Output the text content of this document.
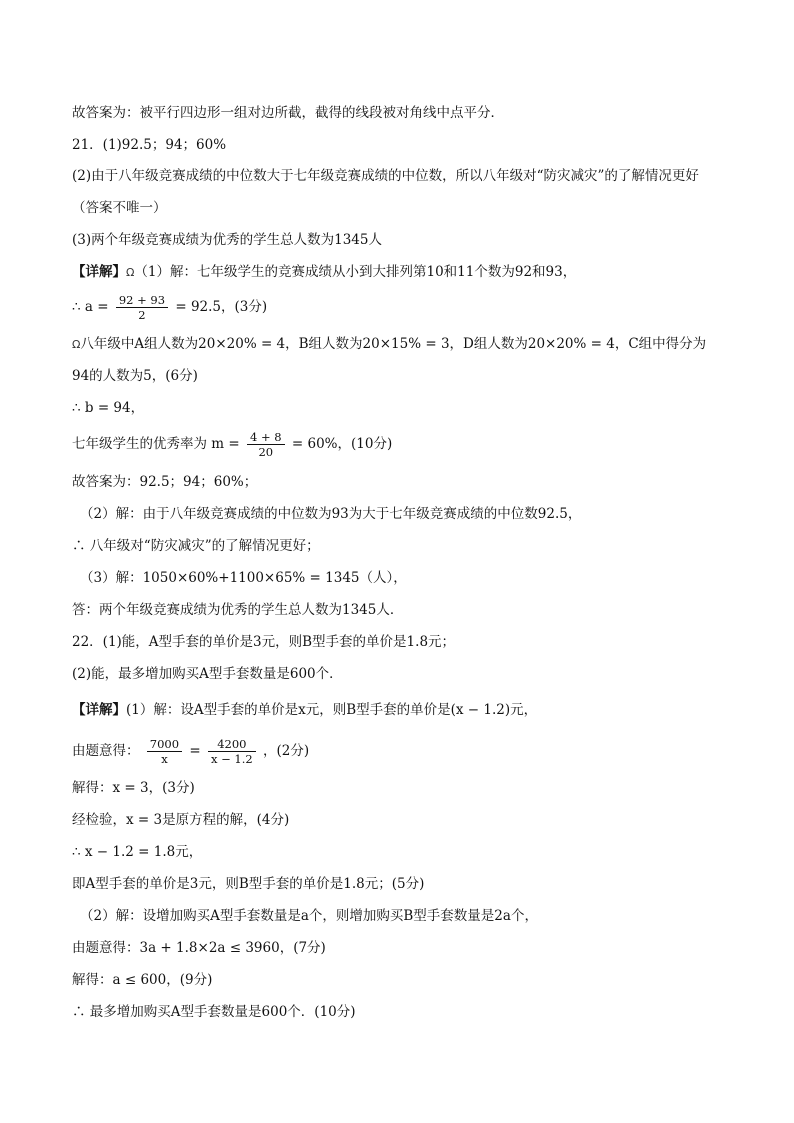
故答案为：被平行四边形一组对边所截，截得的线段被对角线中点平分．
21．(1)92.5；94；60%
(2)由于八年级竞赛成绩的中位数大于七年级竞赛成绩的中位数，所以八年级对“防灾减灾”的了解情况更好
（答案不唯一）
(3)两个年级竞赛成绩为优秀的学生总人数为1345人
【详解】Ω（1）解：七年级学生的竞赛成绩从小到大排列第10和11个数为92和93，
∴ $a = \frac{92 + 93}{2} = 92.5$，(3分)
Ω八年级中A组人数为20×20% = 4，B组人数为20×15% = 3，D组人数为20×20% = 4，C组中得分为
94的人数为5，(6分)
∴ b = 94，
七年级学生的优秀率为 $m = \frac{4 + 8}{20} = 60\%$，(10分)
故答案为：92.5；94；60%；
（2）解：由于八年级竞赛成绩的中位数为93为大于七年级竞赛成绩的中位数92.5，
∴ 八年级对“防灾减灾”的了解情况更好；
（3）解：1050×60%+1100×65% = 1345（人），
答：两个年级竞赛成绩为优秀的学生总人数为1345人．
22．(1)能，A型手套的单价是3元，则B型手套的单价是1.8元；
(2)能，最多增加购买A型手套数量是600个．
【详解】(1）解：设A型手套的单价是x元，则B型手套的单价是(x − 1.2)元，
由题意得： $\frac{7000}{x} = \frac{4200}{x - 1.2}$ ，(2分)
解得：x = 3，(3分)
经检验，x = 3是原方程的解，(4分)
∴ x − 1.2 = 1.8元，
即A型手套的单价是3元，则B型手套的单价是1.8元；(5分)
（2）解：设增加购买A型手套数量是a个，则增加购买B型手套数量是2a个，
由题意得：3a + 1.8×2a ≤ 3960，(7分)
解得：a ≤ 600，(9分)
∴ 最多增加购买A型手套数量是600个．(10分)
